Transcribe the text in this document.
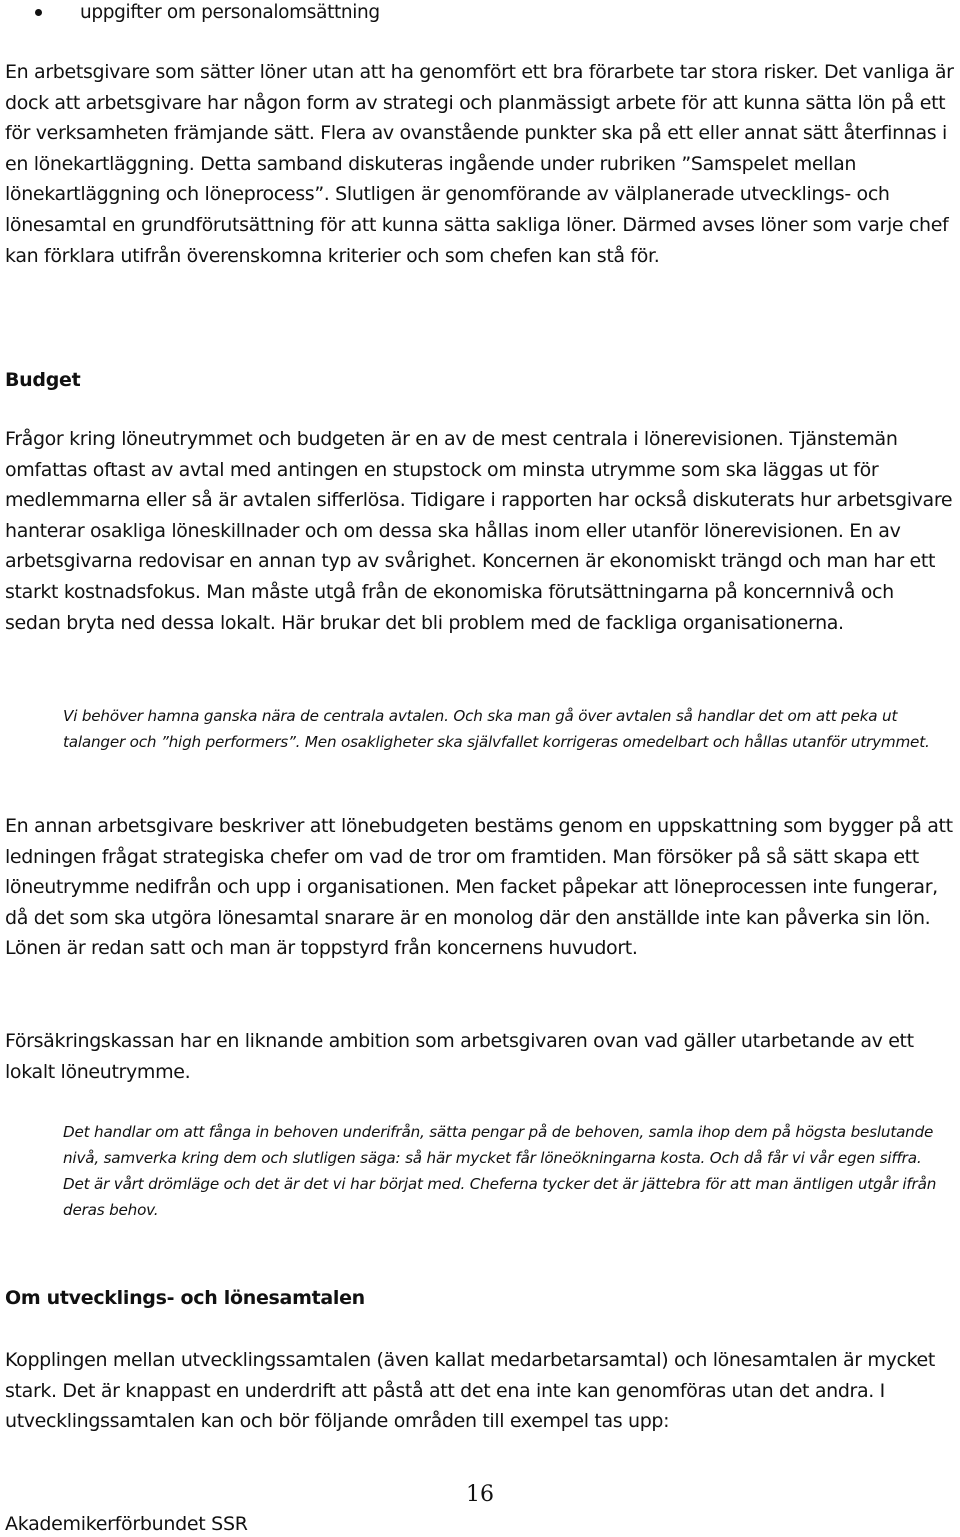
uppgifter om personalomsättning

En arbetsgivare som sätter löner utan att ha genomfört ett bra förarbete tar stora risker. Det vanliga är dock att arbetsgivare har någon form av strategi och planmässigt arbete för att kunna sätta lön på ett för verksamheten främjande sätt. Flera av ovanstående punkter ska på ett eller annat sätt återfinnas i en lönekartläggning. Detta samband diskuteras ingående under rubriken ”Samspelet mellan lönekartläggning och löneprocess”. Slutligen är genomförande av välplanerade utvecklings- och lönesamtal en grundförutsättning för att kunna sätta sakliga löner. Därmed avses löner som varje chef kan förklara utifrån överenskomna kriterier och som chefen kan stå för.

Budget

Frågor kring löneutrymmet och budgeten är en av de mest centrala i lönerevisionen. Tjänstemän omfattas oftast av avtal med antingen en stupstock om minsta utrymme som ska läggas ut för medlemmarna eller så är avtalen sifferlösa. Tidigare i rapporten har också diskuterats hur arbetsgivare hanterar osakliga löneskillnader och om dessa ska hållas inom eller utanför lönerevisionen. En av arbetsgivarna redovisar en annan typ av svårighet. Koncernen är ekonomiskt trängd och man har ett starkt kostnadsfokus. Man måste utgå från de ekonomiska förutsättningarna på koncernnivå och sedan bryta ned dessa lokalt. Här brukar det bli problem med de fackliga organisationerna.

Vi behöver hamna ganska nära de centrala avtalen. Och ska man gå över avtalen så handlar det om att peka ut talanger och ”high performers”. Men osakligheter ska självfallet korrigeras omedelbart och hållas utanför utrymmet.

En annan arbetsgivare beskriver att lönebudgeten bestäms genom en uppskattning som bygger på att ledningen frågat strategiska chefer om vad de tror om framtiden. Man försöker på så sätt skapa ett löneutrymme nedifrån och upp i organisationen. Men facket påpekar att löneprocessen inte fungerar, då det som ska utgöra lönesamtal snarare är en monolog där den anställde inte kan påverka sin lön. Lönen är redan satt och man är toppstyrd från koncernens huvudort.

Försäkringskassan har en liknande ambition som arbetsgivaren ovan vad gäller utarbetande av ett lokalt löneutrymme.

Det handlar om att fånga in behoven underifrån, sätta pengar på de behoven, samla ihop dem på högsta beslutande nivå, samverka kring dem och slutligen säga: så här mycket får löneökningarna kosta. Och då får vi vår egen siffra. Det är vårt drömläge och det är det vi har börjat med. Cheferna tycker det är jättebra för att man äntligen utgår ifrån deras behov.

Om utvecklings- och lönesamtalen

Kopplingen mellan utvecklingssamtalen (även kallat medarbetarsamtal) och lönesamtalen är mycket stark. Det är knappast en underdrift att påstå att det ena inte kan genomföras utan det andra. I utvecklingssamtalen kan och bör följande områden till exempel tas upp:

16
Akademikerförbundet SSR
